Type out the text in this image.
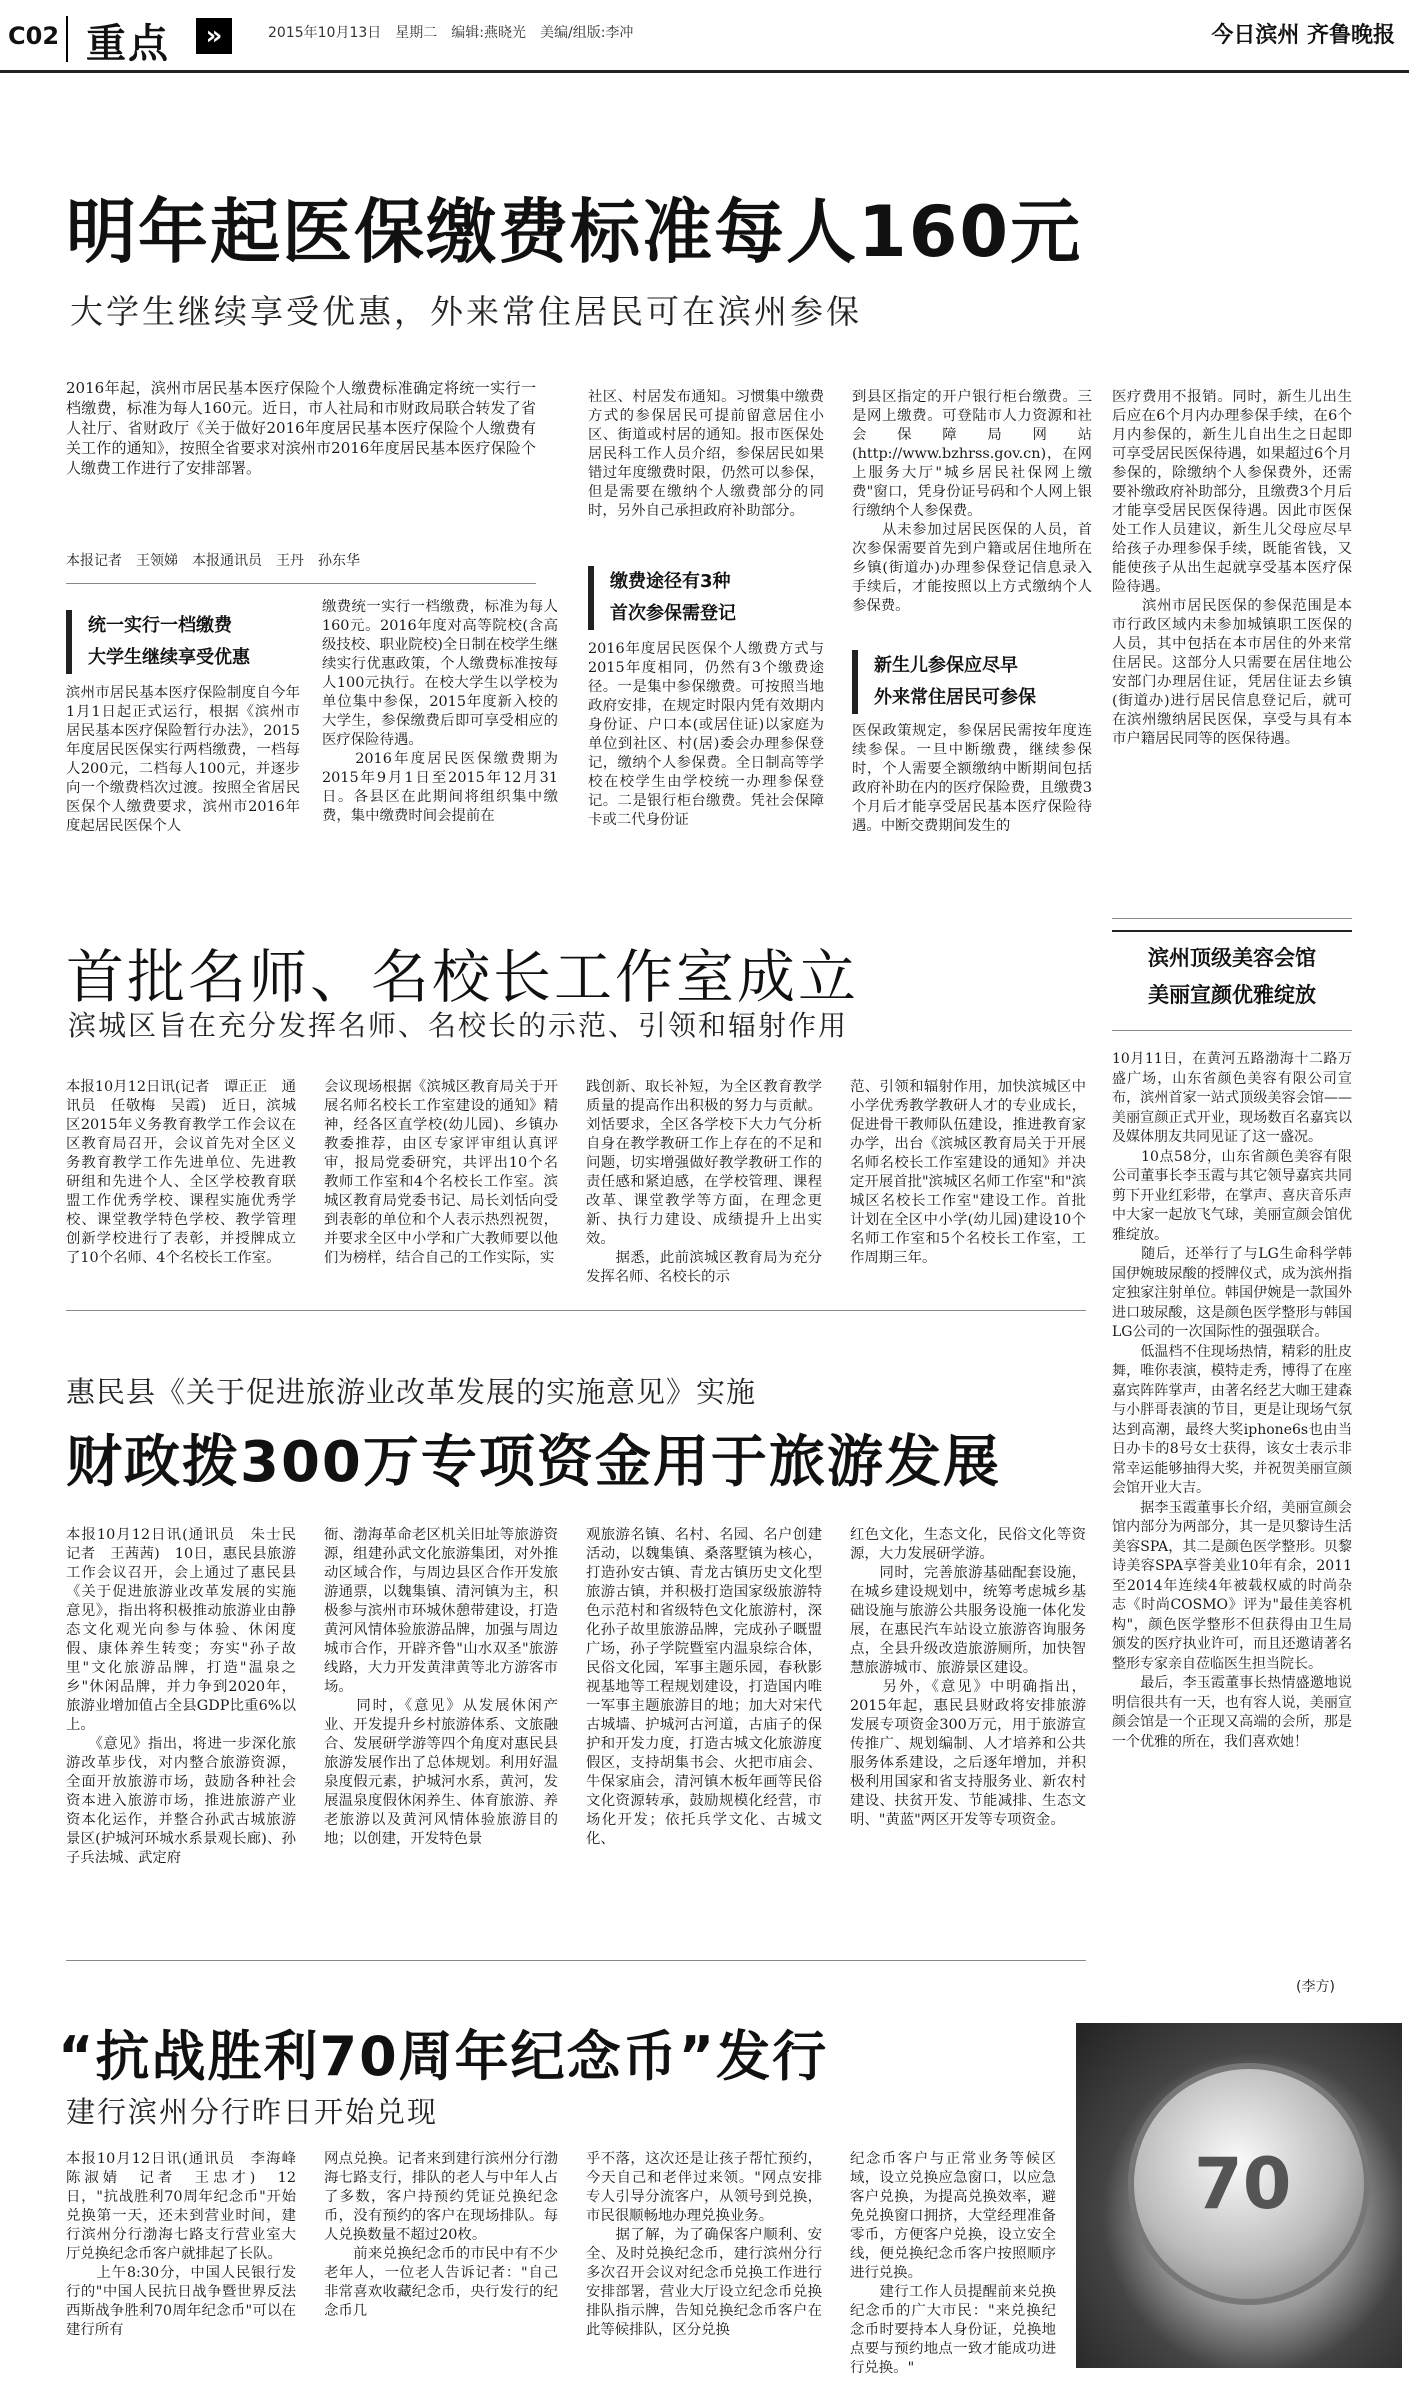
C02 重点	»	2015年10月13日　星期二　编辑:燕晓光　美编/组版:李冲	今日滨州 齐鲁晚报
明年起医保缴费标准每人160元
大学生继续享受优惠，外来常住居民可在滨州参保
2016年起，滨州市居民基本医疗保险个人缴费标准确定将统一实行一档缴费，标准为每人160元。近日，市人社局和市财政局联合转发了省人社厅、省财政厅《关于做好2016年度居民基本医疗保险个人缴费有关工作的通知》，按照全省要求对滨州市2016年度居民基本医疗保险个人缴费工作进行了安排部署。
本报记者　王领娣　本报通讯员　王丹　孙东华
统一实行一档缴费
大学生继续享受优惠
滨州市居民基本医疗保险制度自今年1月1日起正式运行，根据《滨州市居民基本医疗保险暂行办法》，2015年度居民医保实行两档缴费，一档每人200元，二档每人100元，并逐步向一个缴费档次过渡。按照全省居民医保个人缴费要求，滨州市2016年度起居民医保个人
缴费统一实行一档缴费，标准为每人160元。2016年度对高等院校(含高级技校、职业院校)全日制在校学生继续实行优惠政策，个人缴费标准按每人100元执行。在校大学生以学校为单位集中参保，2015年度新入校的大学生，参保缴费后即可享受相应的医疗保险待遇。
　　2016年度居民医保缴费期为2015年9月1日至2015年12月31日。各县区在此期间将组织集中缴费，集中缴费时间会提前在
社区、村居发布通知。习惯集中缴费方式的参保居民可提前留意居住小区、街道或村居的通知。报市医保处居民科工作人员介绍，参保居民如果错过年度缴费时限，仍然可以参保，但是需要在缴纳个人缴费部分的同时，另外自己承担政府补助部分。
缴费途径有3种
首次参保需登记
2016年度居民医保个人缴费方式与2015年度相同，仍然有3个缴费途径。一是集中参保缴费。可按照当地政府安排，在规定时限内凭有效期内身份证、户口本(或居住证)以家庭为单位到社区、村(居)委会办理参保登记，缴纳个人参保费。全日制高等学校在校学生由学校统一办理参保登记。二是银行柜台缴费。凭社会保障卡或二代身份证
到县区指定的开户银行柜台缴费。三是网上缴费。可登陆市人力资源和社会保障局网站(http://www.bzhrss.gov.cn)，在网上服务大厅"城乡居民社保网上缴费"窗口，凭身份证号码和个人网上银行缴纳个人参保费。
　　从未参加过居民医保的人员，首次参保需要首先到户籍或居住地所在乡镇(街道办)办理参保登记信息录入手续后，才能按照以上方式缴纳个人参保费。
新生儿参保应尽早
外来常住居民可参保
医保政策规定，参保居民需按年度连续参保。一旦中断缴费，继续参保时，个人需要全额缴纳中断期间包括政府补助在内的医疗保险费，且缴费3个月后才能享受居民基本医疗保险待遇。中断交费期间发生的
医疗费用不报销。同时，新生儿出生后应在6个月内办理参保手续，在6个月内参保的，新生儿自出生之日起即可享受居民医保待遇，如果超过6个月参保的，除缴纳个人参保费外，还需要补缴政府补助部分，且缴费3个月后才能享受居民医保待遇。因此市医保处工作人员建议，新生儿父母应尽早给孩子办理参保手续，既能省钱，又能使孩子从出生起就享受基本医疗保险待遇。
　　滨州市居民医保的参保范围是本市行政区域内未参加城镇职工医保的人员，其中包括在本市居住的外来常住居民。这部分人只需要在居住地公安部门办理居住证，凭居住证去乡镇(街道办)进行居民信息登记后，就可在滨州缴纳居民医保，享受与具有本市户籍居民同等的医保待遇。
首批名师、名校长工作室成立
滨城区旨在充分发挥名师、名校长的示范、引领和辐射作用
本报10月12日讯(记者　谭正正　通讯员　任敬梅　吴霞)　近日，滨城区2015年义务教育教学工作会议在区教育局召开，会议首先对全区义务教育教学工作先进单位、先进教研组和先进个人、全区学校教育联盟工作优秀学校、课程实施优秀学校、课堂教学特色学校、教学管理创新学校进行了表彰，并授牌成立了10个名师、4个名校长工作室。
会议现场根据《滨城区教育局关于开展名师名校长工作室建设的通知》精神，经各区直学校(幼儿园)、乡镇办教委推荐，由区专家评审组认真评审，报局党委研究，共评出10个名教师工作室和4个名校长工作室。滨城区教育局党委书记、局长刘恬向受到表彰的单位和个人表示热烈祝贺，并要求全区中小学和广大教师要以他们为榜样，结合自己的工作实际，实
践创新、取长补短，为全区教育教学质量的提高作出积极的努力与贡献。刘恬要求，全区各学校下大力气分析自身在教学教研工作上存在的不足和问题，切实增强做好教学教研工作的责任感和紧迫感，在学校管理、课程改革、课堂教学等方面，在理念更新、执行力建设、成绩提升上出实效。
　　据悉，此前滨城区教育局为充分发挥名师、名校长的示
范、引领和辐射作用，加快滨城区中小学优秀教学教研人才的专业成长，促进骨干教师队伍建设，推进教育家办学，出台《滨城区教育局关于开展名师名校长工作室建设的通知》并决定开展首批"滨城区名师工作室"和"滨城区名校长工作室"建设工作。首批计划在全区中小学(幼儿园)建设10个名师工作室和5个名校长工作室，工作周期三年。
滨州顶级美容会馆
美丽宣颜优雅绽放
10月11日，在黄河五路渤海十二路万盛广场，山东省颜色美容有限公司宣布，滨州首家一站式顶级美容会馆——美丽宣颜正式开业，现场数百名嘉宾以及媒体朋友共同见证了这一盛况。
　　10点58分，山东省颜色美容有限公司董事长李玉霞与其它领导嘉宾共同剪下开业红彩带，在掌声、喜庆音乐声中大家一起放飞气球，美丽宣颜会馆优雅绽放。
　　随后，还举行了与LG生命科学韩国伊婉玻尿酸的授牌仪式，成为滨州指定独家注射单位。韩国伊婉是一款国外进口玻尿酸，这是颜色医学整形与韩国LG公司的一次国际性的强强联合。
　　低温档不住现场热情，精彩的肚皮舞，唯你表演，模特走秀，博得了在座嘉宾阵阵掌声，由著名经艺大咖王建森与小胖哥表演的节目，更是让现场气氛达到高潮，最终大奖iphone6s也由当日办卡的8号女士获得，该女士表示非常幸运能够抽得大奖，并祝贺美丽宣颜会馆开业大吉。
　　据李玉霞董事长介绍，美丽宣颜会馆内部分为两部分，其一是贝黎诗生活美容SPA，其二是颜色医学整形。贝黎诗美容SPA享誉美业10年有余，2011至2014年连续4年被载权威的时尚杂志《时尚COSMO》评为"最佳美容机构"，颜色医学整形不但获得由卫生局颁发的医疗执业许可，而且还邀请著名整形专家亲自莅临医生担当院长。
　　最后，李玉霞董事长热情盛邀地说明信很共有一天，也有容人说，美丽宣颜会馆是一个正现又高端的会所，那是一个优雅的所在，我们喜欢她！
(李方)
惠民县《关于促进旅游业改革发展的实施意见》实施
财政拨300万专项资金用于旅游发展
本报10月12日讯(通讯员　朱士民　记者　王茜茜)　10日，惠民县旅游工作会议召开，会上通过了惠民县《关于促进旅游业改革发展的实施意见》，指出将积极推动旅游业由静态文化观光向参与体验、休闲度假、康体养生转变；夯实"孙子故里"文化旅游品牌，打造"温泉之乡"休闲品牌，并力争到2020年，旅游业增加值占全县GDP比重6%以上。
　　《意见》指出，将进一步深化旅游改革步伐，对内整合旅游资源，全面开放旅游市场，鼓励各种社会资本进入旅游市场，推进旅游产业资本化运作，并整合孙武古城旅游景区(护城河环城水系景观长廊)、孙子兵法城、武定府
衙、渤海革命老区机关旧址等旅游资源，组建孙武文化旅游集团，对外推动区域合作，与周边县区合作开发旅游通票，以魏集镇、清河镇为主，积极参与滨州市环城休憩带建设，打造黄河风情体验旅游品牌，加强与周边城市合作，开辟齐鲁"山水双圣"旅游线路，大力开发黄津黄等北方游客市场。
　　同时，《意见》从发展休闲产业、开发提升乡村旅游体系、文旅融合、发展研学游等四个角度对惠民县旅游发展作出了总体规划。利用好温泉度假元素，护城河水系，黄河，发展温泉度假休闲养生、体育旅游、养老旅游以及黄河风情体验旅游目的地；以创建，开发特色景
观旅游名镇、名村、名园、名户创建活动，以魏集镇、桑落墅镇为核心，打造孙安古镇、青龙古镇历史文化型旅游古镇，并积极打造国家级旅游特色示范村和省级特色文化旅游村，深化孙子故里旅游品牌，完成孙子嘅盟广场，孙子学院暨室内温泉综合体，民俗文化园，军事主题乐园，春秋影视基地等工程规划建设，打造国内唯一军事主题旅游目的地；加大对宋代古城墙、护城河古河道，古庙子的保护和开发力度，打造古城文化旅游度假区，支持胡集书会、火把市庙会、牛保家庙会，清河镇木板年画等民俗文化资源转承，鼓励规模化经营，市场化开发；依托兵学文化、古城文化、
红色文化，生态文化，民俗文化等资源，大力发展研学游。
　　同时，完善旅游基础配套设施，在城乡建设规划中，统筹考虑城乡基础设施与旅游公共服务设施一体化发展，在惠民汽车站设立旅游咨询服务点，全县升级改造旅游厕所，加快智慧旅游城市、旅游景区建设。
　　另外，《意见》中明确指出，2015年起，惠民县财政将安排旅游发展专项资金300万元，用于旅游宣传推广、规划编制、人才培养和公共服务体系建设，之后逐年增加，并积极利用国家和省支持服务业、新农村建设、扶贫开发、节能减排、生态文明、"黄蓝"两区开发等专项资金。
“抗战胜利70周年纪念币”发行
建行滨州分行昨日开始兑现
本报10月12日讯(通讯员　李海峰　陈淑婧　记者　王忠才)　12日，"抗战胜利70周年纪念币"开始兑换第一天，还未到营业时间，建行滨州分行渤海七路支行营业室大厅兑换纪念币客户就排起了长队。
　　上午8:30分，中国人民银行发行的"中国人民抗日战争暨世界反法西斯战争胜利70周年纪念币"可以在建行所有
网点兑换。记者来到建行滨州分行渤海七路支行，排队的老人与中年人占了多数，客户持预约凭证兑换纪念币，没有预约的客户在现场排队。每人兑换数量不超过20枚。
　　前来兑换纪念币的市民中有不少老年人，一位老人告诉记者："自己非常喜欢收藏纪念币，央行发行的纪念币几
乎不落，这次还是让孩子帮忙预约，今天自己和老伴过来领。"网点安排专人引导分流客户，从领号到兑换，市民很顺畅地办理兑换业务。
　　据了解，为了确保客户顺利、安全、及时兑换纪念币，建行滨州分行多次召开会议对纪念币兑换工作进行安排部署，营业大厅设立纪念币兑换排队指示牌，告知兑换纪念币客户在此等候排队，区分兑换
纪念币客户与正常业务等候区域，设立兑换应急窗口，以应急客户兑换，为提高兑换效率，避免兑换窗口拥挤，大堂经理准备零币，方便客户兑换，设立安全线，便兑换纪念币客户按照顺序进行兑换。
　　建行工作人员提醒前来兑换纪念币的广大市民："来兑换纪念币时要持本人身份证，兑换地点要与预约地点一致才能成功进行兑换。"
70
